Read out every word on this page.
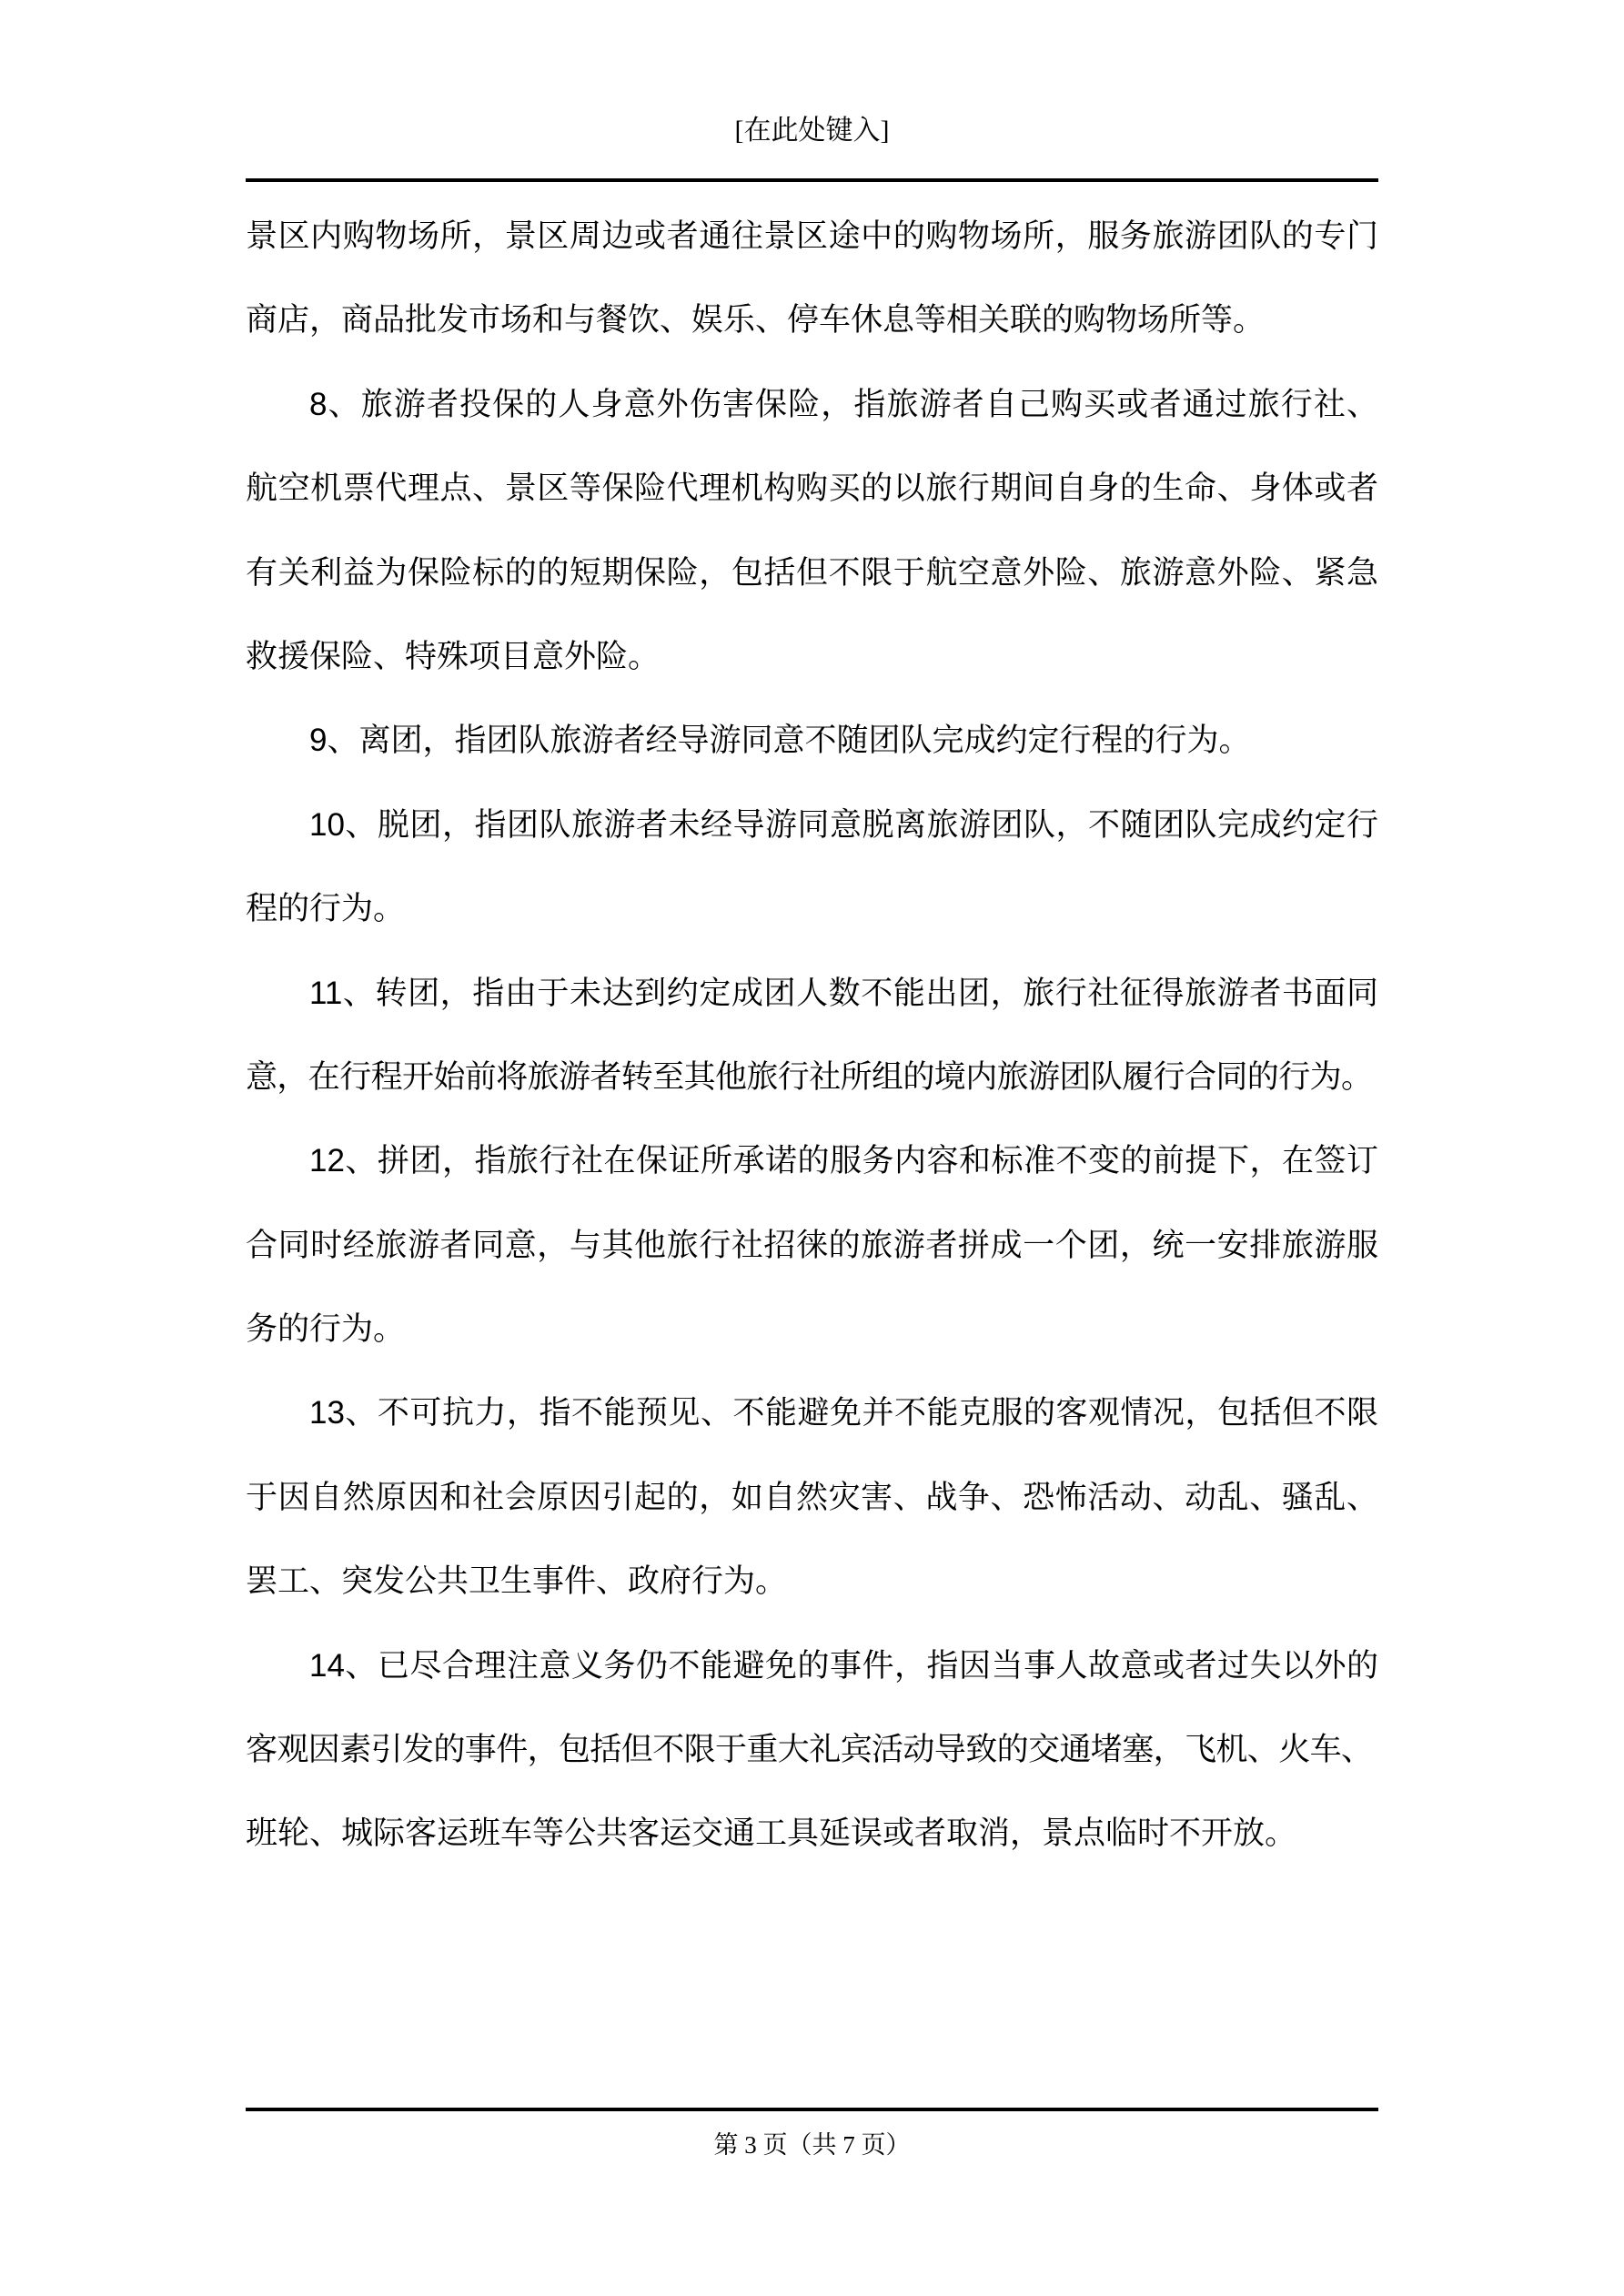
[在此处键入]
景区内购物场所，景区周边或者通往景区途中的购物场所，服务旅游团队的专门
商店，商品批发市场和与餐饮、娱乐、停车休息等相关联的购物场所等。
8、旅游者投保的人身意外伤害保险，指旅游者自己购买或者通过旅行社、
航空机票代理点、景区等保险代理机构购买的以旅行期间自身的生命、身体或者
有关利益为保险标的的短期保险，包括但不限于航空意外险、旅游意外险、紧急
救援保险、特殊项目意外险。
9、离团，指团队旅游者经导游同意不随团队完成约定行程的行为。
10、脱团，指团队旅游者未经导游同意脱离旅游团队，不随团队完成约定行
程的行为。
11、转团，指由于未达到约定成团人数不能出团，旅行社征得旅游者书面同
意，在行程开始前将旅游者转至其他旅行社所组的境内旅游团队履行合同的行为。
12、拼团，指旅行社在保证所承诺的服务内容和标准不变的前提下，在签订
合同时经旅游者同意，与其他旅行社招徕的旅游者拼成一个团，统一安排旅游服
务的行为。
13、不可抗力，指不能预见、不能避免并不能克服的客观情况，包括但不限
于因自然原因和社会原因引起的，如自然灾害、战争、恐怖活动、动乱、骚乱、
罢工、突发公共卫生事件、政府行为。
14、已尽合理注意义务仍不能避免的事件，指因当事人故意或者过失以外的
客观因素引发的事件，包括但不限于重大礼宾活动导致的交通堵塞，飞机、火车、
班轮、城际客运班车等公共客运交通工具延误或者取消，景点临时不开放。
第 3 页（共 7 页）
